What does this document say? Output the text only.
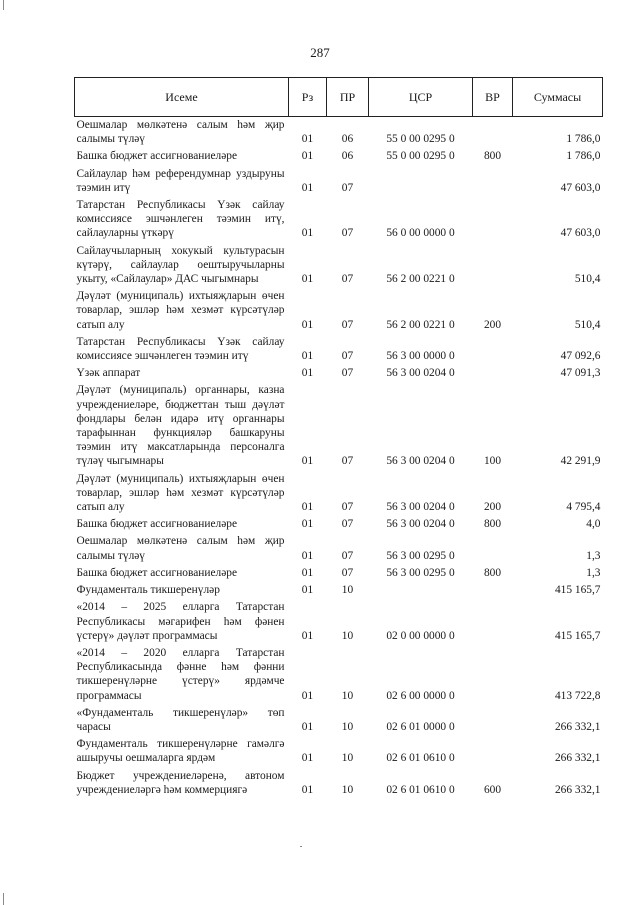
287
Исеме	Рз	ПР	ЦСР	ВР	Суммасы
Оешмалар мөлкәтенә салым һәм җир салымы түләү	01	06	55 0 00 0295 0		1 786,0
Башка бюджет ассигнованиеләре	01	06	55 0 00 0295 0	800	1 786,0
Сайлаулар һәм референдумнар уздыруны тәэмин итү	01	07			47 603,0
Татарстан Республикасы Үзәк сайлау комиссиясе эшчәнлеген тәэмин итү, сайлауларны үткәрү	01	07	56 0 00 0000 0		47 603,0
Сайлаучыларның хокукый культурасын күтәрү, сайлаулар оештыручыларны укыту, «Сайлаулар» ДАС чыгымнары	01	07	56 2 00 0221 0		510,4
Дәүләт (муниципаль) ихтыяҗларын өчен товарлар, эшләр һәм хезмәт күрсәтүләр сатып алу	01	07	56 2 00 0221 0	200	510,4
Татарстан Республикасы Үзәк сайлау комиссиясе эшчәнлеген тәэмин итү	01	07	56 3 00 0000 0		47 092,6
Үзәк аппарат	01	07	56 3 00 0204 0		47 091,3
Дәүләт (муниципаль) органнары, казна учреждениеләре, бюджеттан тыш дәүләт фондлары белән идарә итү органнары тарафыннан функцияләр башкаруны тәэмин итү максатларында персоналга түләү чыгымнары	01	07	56 3 00 0204 0	100	42 291,9
Дәүләт (муниципаль) ихтыяҗларын өчен товарлар, эшләр һәм хезмәт күрсәтүләр сатып алу	01	07	56 3 00 0204 0	200	4 795,4
Башка бюджет ассигнованиеләре	01	07	56 3 00 0204 0	800	4,0
Оешмалар мөлкәтенә салым һәм җир салымы түләү	01	07	56 3 00 0295 0		1,3
Башка бюджет ассигнованиеләре	01	07	56 3 00 0295 0	800	1,3
Фундаменталь тикшеренүләр	01	10			415 165,7
«2014 – 2025 елларга Татарстан Республикасы мәгарифен һәм фәнен үстерү» дәүләт программасы	01	10	02 0 00 0000 0		415 165,7
«2014 – 2020 елларга Татарстан Республикасында фәнне һәм фәнни тикшеренүләрне үстерү» ярдәмче программасы	01	10	02 6 00 0000 0		413 722,8
«Фундаменталь тикшеренүләр» төп чарасы	01	10	02 6 01 0000 0		266 332,1
Фундаменталь тикшеренүләрне гамәлгә ашыручы оешмаларга ярдәм	01	10	02 6 01 0610 0		266 332,1
Бюджет учреждениеләренә, автоном учреждениеләргә һәм коммерциягә	01	10	02 6 01 0610 0	600	266 332,1
